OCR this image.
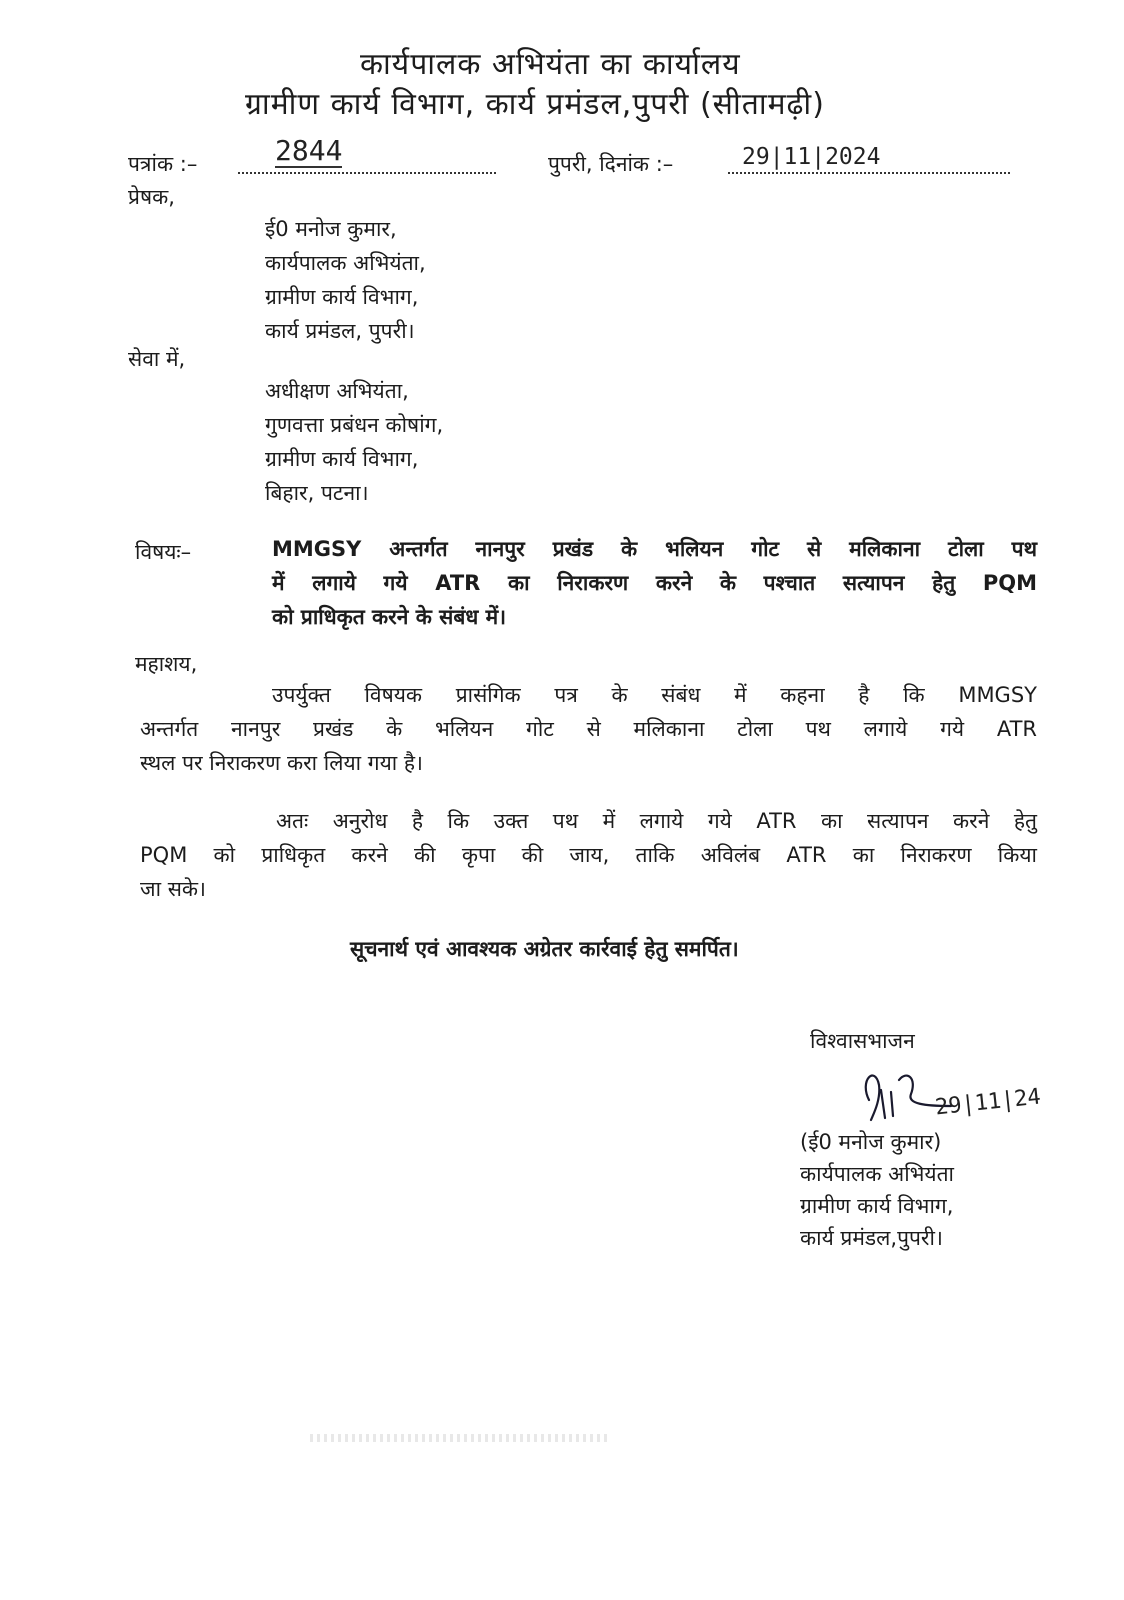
कार्यपालक अभियंता का कार्यालय
ग्रामीण कार्य विभाग, कार्य प्रमंडल,पुपरी (सीतामढ़ी)
पत्रांक :–	2844	पुपरी, दिनांक :–	29|11|2024
प्रेषक,
ई0 मनोज कुमार,
कार्यपालक अभियंता,
ग्रामीण कार्य विभाग,
कार्य प्रमंडल, पुपरी।
सेवा में,
अधीक्षण अभियंता,
गुणवत्ता प्रबंधन कोषांग,
ग्रामीण कार्य विभाग,
बिहार, पटना।
विषयः–	MMGSY अन्तर्गत नानपुर प्रखंड के भलियन गोट से मलिकाना टोला पथ
में लगाये गये ATR का निराकरण करने के पश्चात सत्यापन हेतु PQM
को प्राधिकृत करने के संबंध में।
महाशय,
उपर्युक्त विषयक प्रासंगिक पत्र के संबंध में कहना है कि MMGSY
अन्तर्गत नानपुर प्रखंड के भलियन गोट से मलिकाना टोला पथ लगाये गये ATR
स्थल पर निराकरण करा लिया गया है।
अतः अनुरोध है कि उक्त पथ में लगाये गये ATR का सत्यापन करने हेतु
PQM को प्राधिकृत करने की कृपा की जाय, ताकि अविलंब ATR का निराकरण किया
जा सके।
सूचनार्थ एवं आवश्यक अग्रेतर कार्रवाई हेतु समर्पित।
विश्वासभाजन
29|11|24
(ई0 मनोज कुमार)
कार्यपालक अभियंता
ग्रामीण कार्य विभाग,
कार्य प्रमंडल,पुपरी।
